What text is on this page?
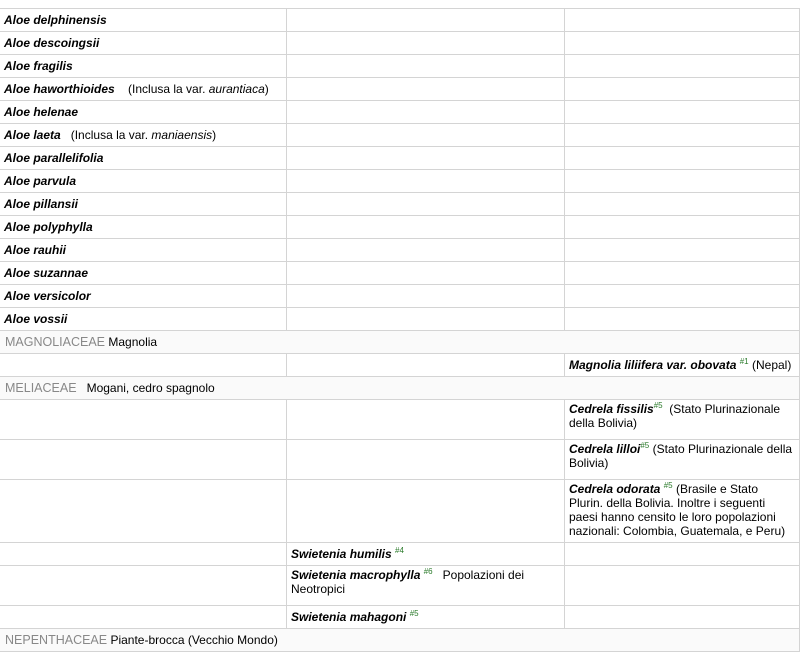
Aloe delphinensis		
Aloe descoingsii		
Aloe fragilis		
Aloe haworthioides (Inclusa la var. aurantiaca)		
Aloe helenae		
Aloe laeta (Inclusa la var. maniaensis)		
Aloe parallelifolia		
Aloe parvula		
Aloe pillansii		
Aloe polyphylla		
Aloe rauhii		
Aloe suzannae		
Aloe versicolor		
Aloe vossii		
MAGNOLIACEAE Magnolia		
		Magnolia liliifera var. obovata $^{\#1}$ (Nepal)
MELIACEAE Mogani, cedro spagnolo		
		Cedrela fissilis$^{\#5}$ (Stato Plurinazionale della Bolivia)
		Cedrela lilloi$^{\#5}$ (Stato Plurinazionale della Bolivia)
		Cedrela odorata $^{\#5}$ (Brasile e Stato Plurin. della Bolivia. Inoltre i seguenti paesi hanno censito le loro popolazioni nazionali: Colombia, Guatemala, e Peru)
	Swietenia humilis $^{\#4}$	
	Swietenia macrophylla $^{\#6}$ Popolazioni dei Neotropici	
	Swietenia mahagoni $^{\#5}$	
NEPENTHACEAE Piante-brocca (Vecchio Mondo)		
